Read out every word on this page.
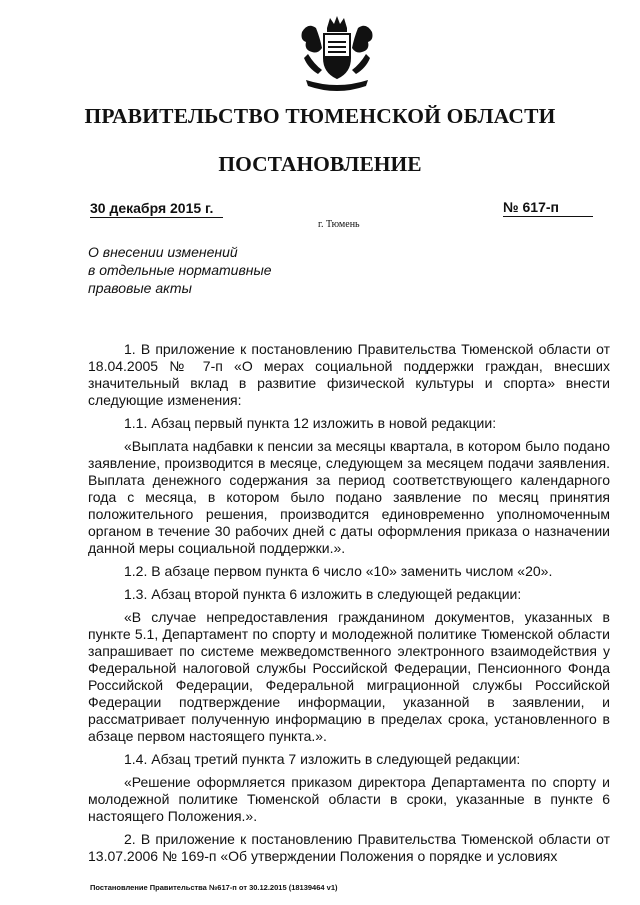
ПРАВИТЕЛЬСТВО ТЮМЕНСКОЙ ОБЛАСТИ
ПОСТАНОВЛЕНИЕ
30 декабря 2015 г.	№ 617-п
г. Тюмень
О внесении изменений
в отдельные нормативные
правовые акты

1. В приложение к постановлению Правительства Тюменской области от 18.04.2005 № 7-п «О мерах социальной поддержки граждан, внесших значительный вклад в развитие физической культуры и спорта» внести следующие изменения:

1.1. Абзац первый пункта 12 изложить в новой редакции:

«Выплата надбавки к пенсии за месяцы квартала, в котором было подано заявление, производится в месяце, следующем за месяцем подачи заявления. Выплата денежного содержания за период соответствующего календарного года с месяца, в котором было подано заявление по месяц принятия положительного решения, производится единовременно уполномоченным органом в течение 30 рабочих дней с даты оформления приказа о назначении данной меры социальной поддержки.».

1.2. В абзаце первом пункта 6 число «10» заменить числом «20».

1.3. Абзац второй пункта 6 изложить в следующей редакции:

«В случае непредоставления гражданином документов, указанных в пункте 5.1, Департамент по спорту и молодежной политике Тюменской области запрашивает по системе межведомственного электронного взаимодействия у Федеральной налоговой службы Российской Федерации, Пенсионного Фонда Российской Федерации, Федеральной миграционной службы Российской Федерации подтверждение информации, указанной в заявлении, и рассматривает полученную информацию в пределах срока, установленного в абзаце первом настоящего пункта.».

1.4. Абзац третий пункта 7 изложить в следующей редакции:

«Решение оформляется приказом директора Департамента по спорту и молодежной политике Тюменской области в сроки, указанные в пункте 6 настоящего Положения.».

2. В приложение к постановлению Правительства Тюменской области от 13.07.2006 № 169-п «Об утверждении Положения о порядке и условиях

Постановление Правительства №617-п от 30.12.2015 (18139464 v1)
